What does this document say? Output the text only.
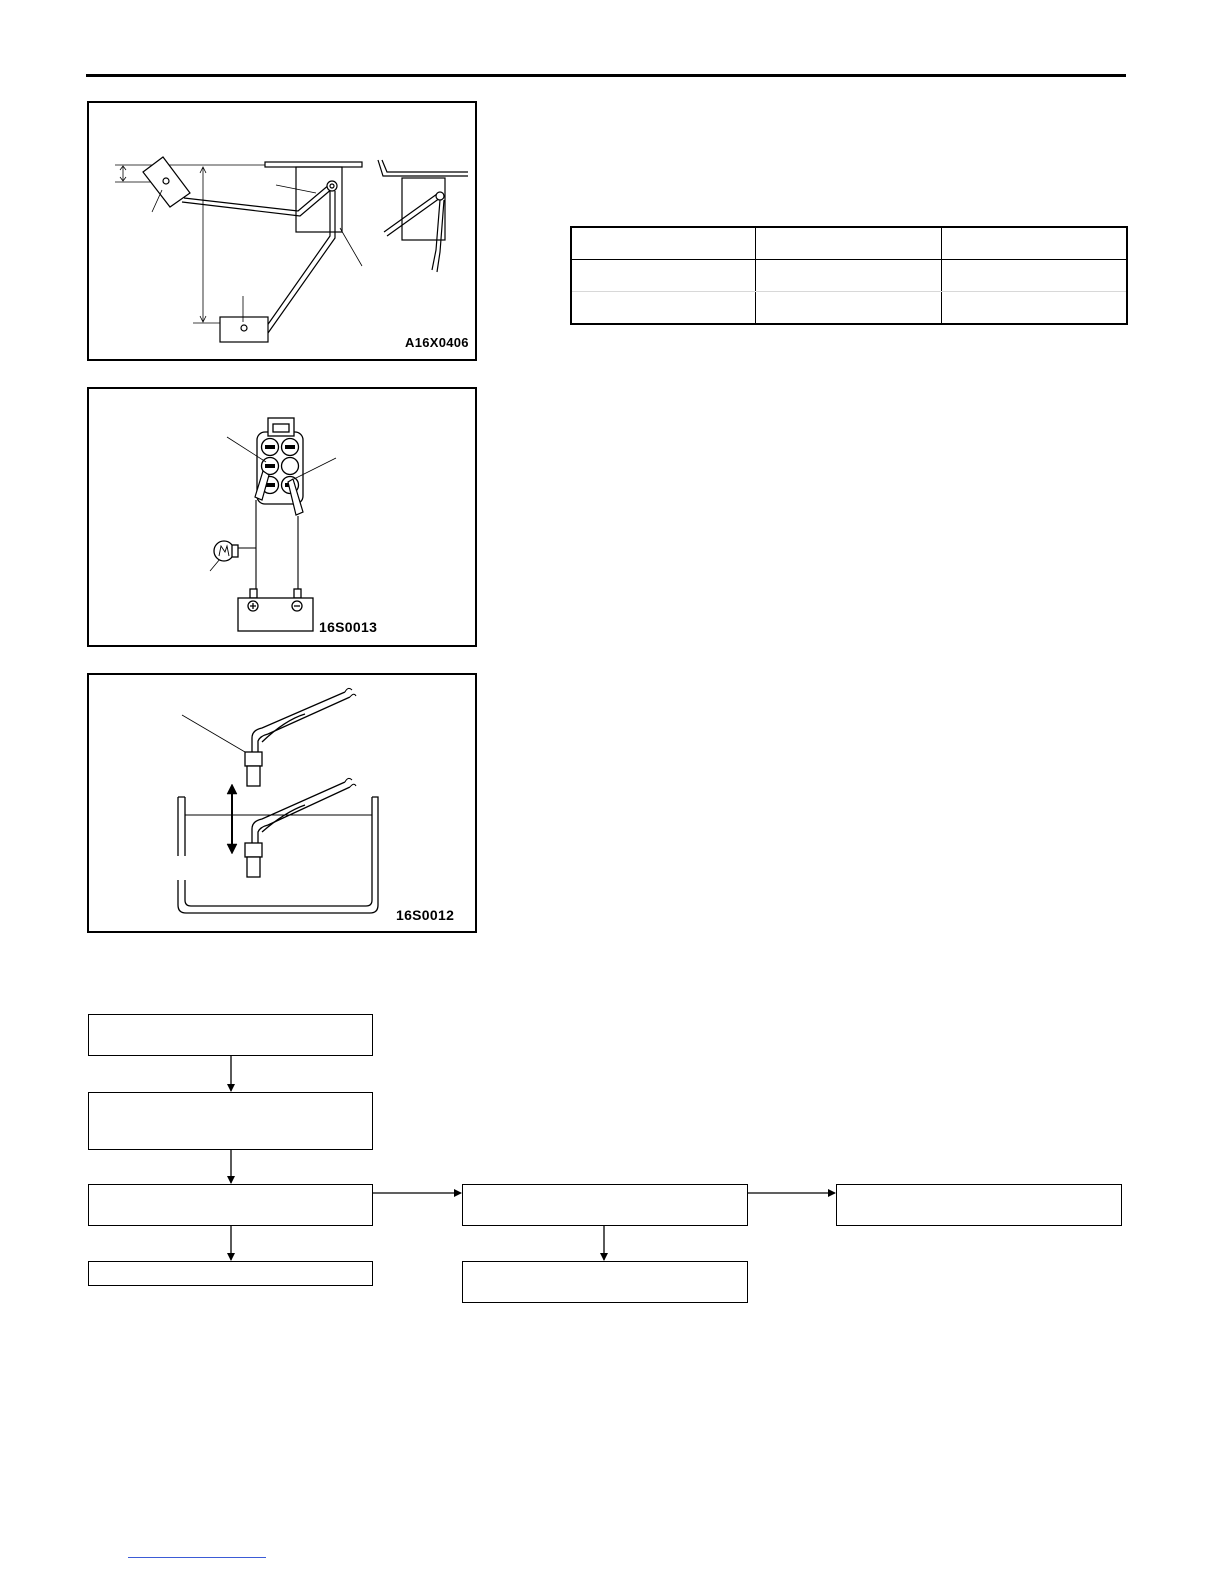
A16X0406

16S0013
16S0012
